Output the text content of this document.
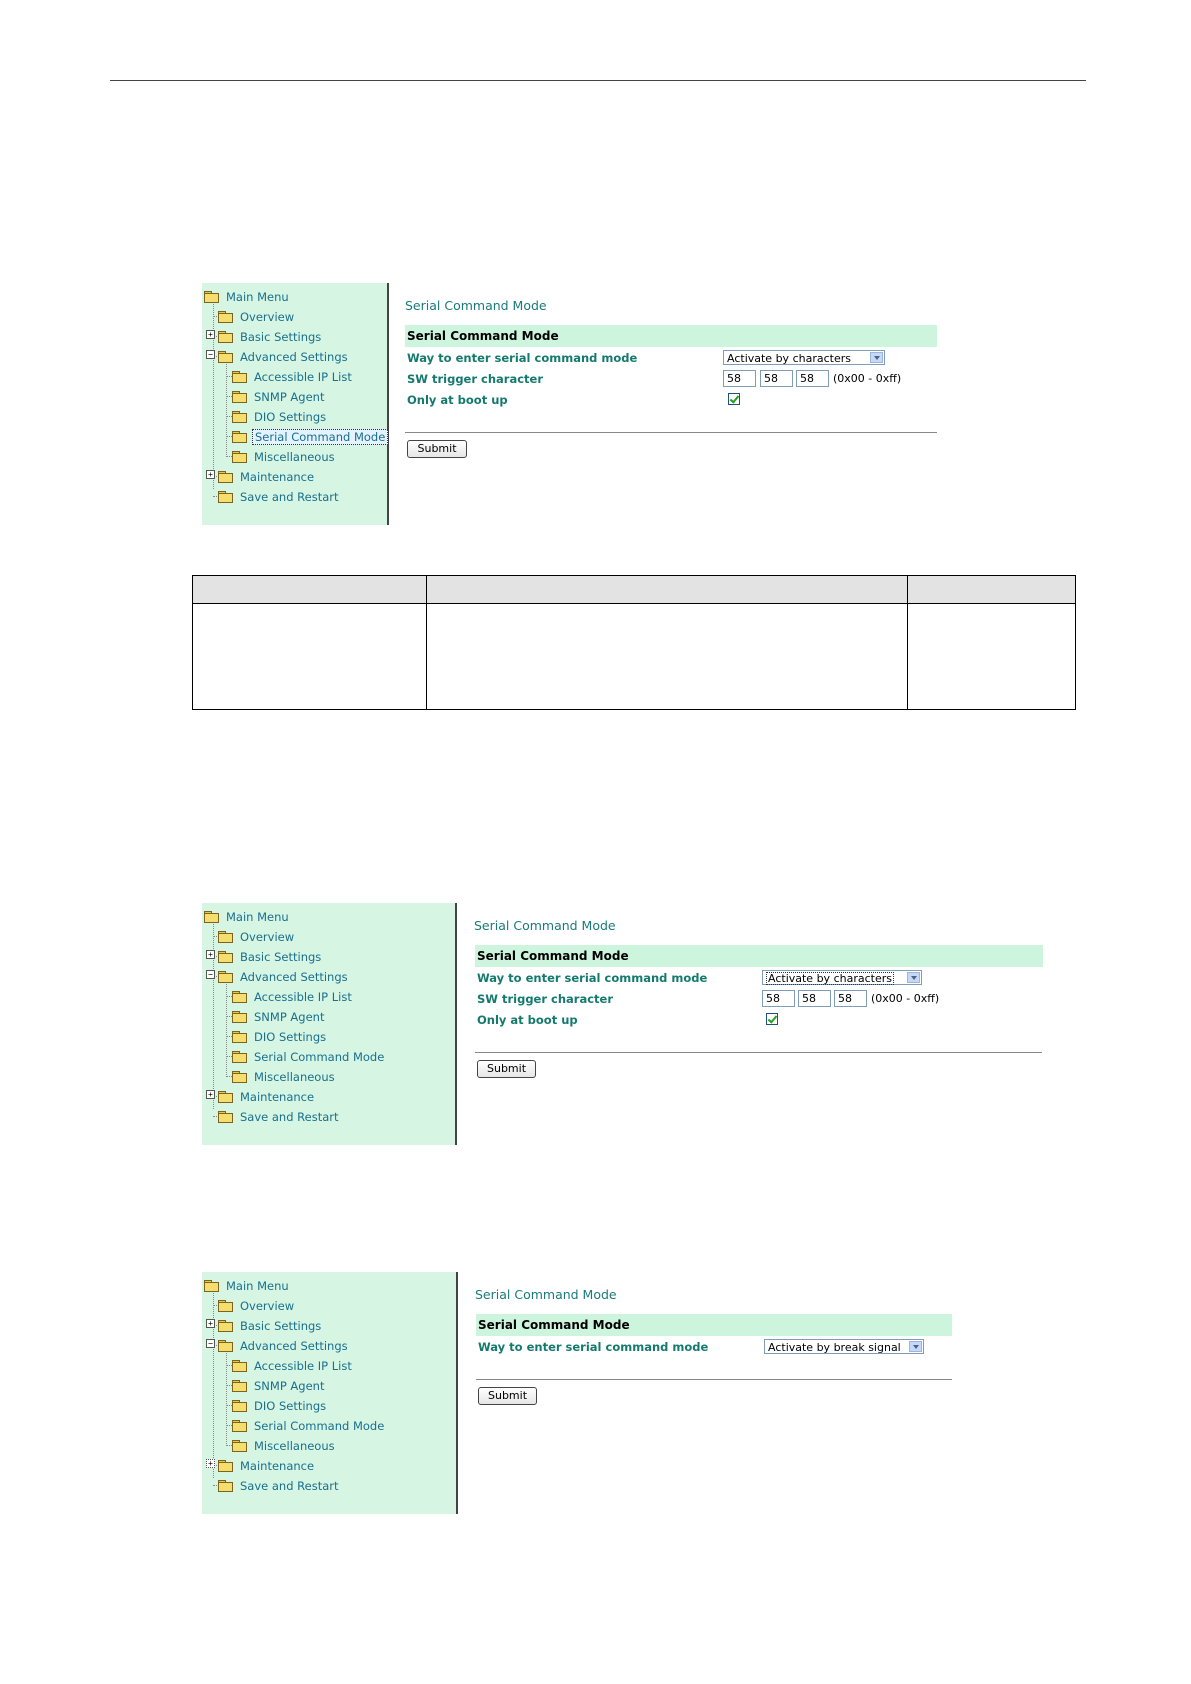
+
−
+
Main Menu
Overview
Basic Settings
Advanced Settings
Accessible IP List
SNMP Agent
DIO Settings
Serial Command Mode
Miscellaneous
Maintenance
Save and Restart
Serial Command Mode
Serial Command Mode
Way to enter serial command mode	Activate by characters
SW trigger character	58	58	58	(0x00 - 0xff)
Only at boot up
Submit
+
−
+
Main Menu
Overview
Basic Settings
Advanced Settings
Accessible IP List
SNMP Agent
DIO Settings
Serial Command Mode
Miscellaneous
Maintenance
Save and Restart
Serial Command Mode
Serial Command Mode
Way to enter serial command mode	Activate by characters
SW trigger character	58	58	58	(0x00 - 0xff)
Only at boot up
Submit
+
−
+
Main Menu
Overview
Basic Settings
Advanced Settings
Accessible IP List
SNMP Agent
DIO Settings
Serial Command Mode
Miscellaneous
Maintenance
Save and Restart
Serial Command Mode
Serial Command Mode
Way to enter serial command mode	Activate by break signal
Submit
